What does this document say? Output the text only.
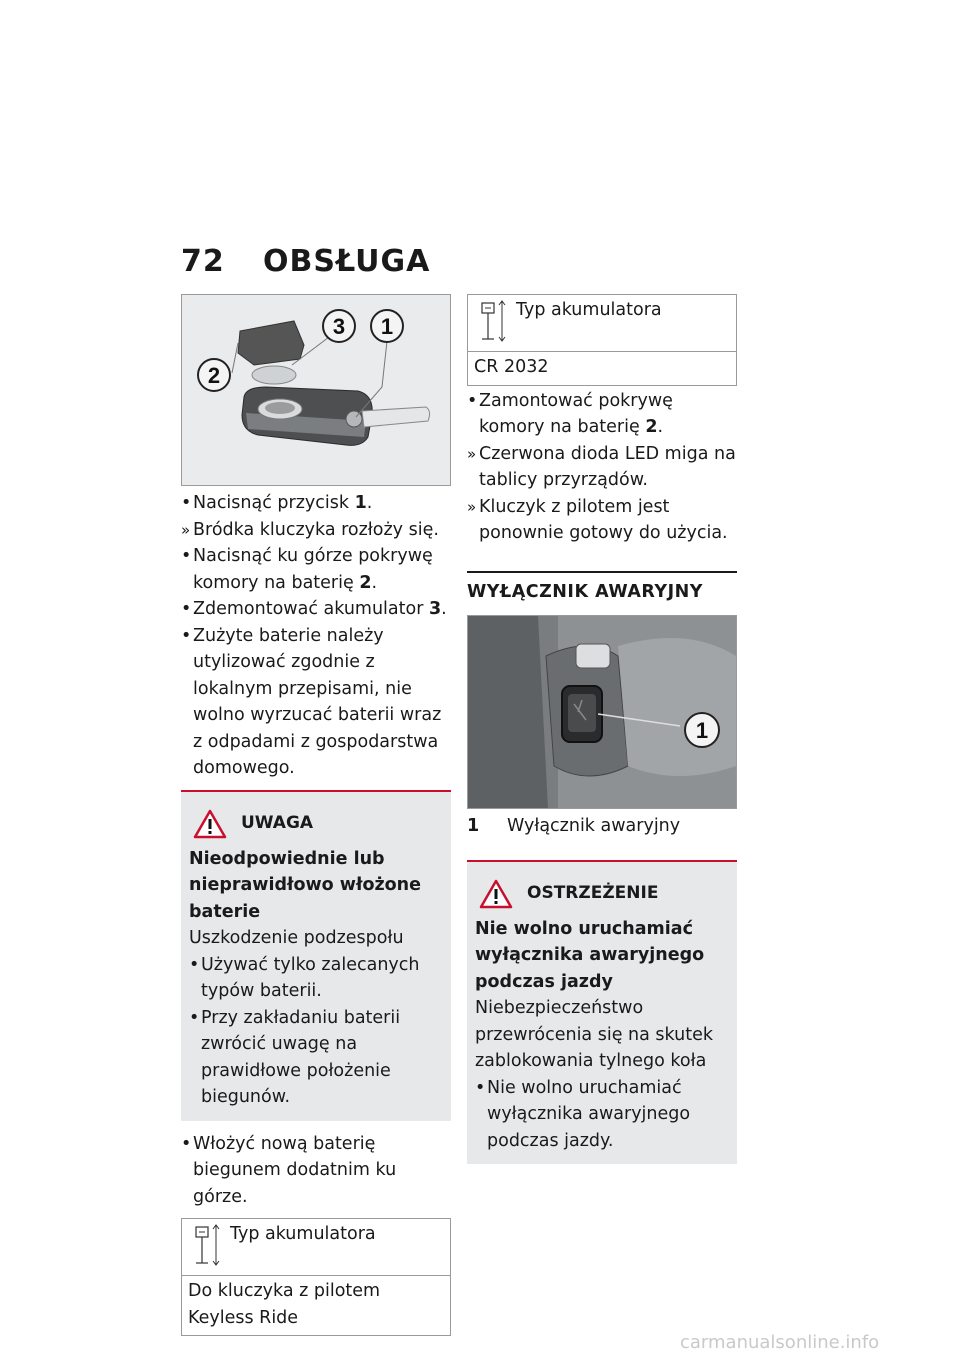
72 OBSŁUGA
2
3 1
• Nacisnąć przycisk 1.
» Bródka kluczyka rozłoży się.
• Nacisnąć ku górze pokrywę komory na baterię 2.
• Zdemontować akumulator 3.
• Zużyte baterie należy utylizować zgodnie z lokalnym przepisami, nie wolno wyrzucać baterii wraz z odpadami z gospodarstwa domowego.
UWAGA
Nieodpowiednie lub nieprawidłowo włożone baterie
Uszkodzenie podzespołu
• Używać tylko zalecanych typów baterii.
• Przy zakładaniu baterii zwrócić uwagę na prawidłowe położenie biegunów.
• Włożyć nową baterię biegunem dodatnim ku górze.
Typ akumulatora
Do kluczyka z pilotem Keyless Ride
Typ akumulatora
CR 2032
• Zamontować pokrywę komory na baterię 2.
» Czerwona dioda LED miga na tablicy przyrządów.
» Kluczyk z pilotem jest ponownie gotowy do użycia.
WYŁĄCZNIK AWARYJNY
1
1	Wyłącznik awaryjny
OSTRZEŻENIE
Nie wolno uruchamiać wyłącznika awaryjnego podczas jazdy
Niebezpieczeństwo przewrócenia się na skutek zablokowania tylnego koła
• Nie wolno uruchamiać wyłącznika awaryjnego podczas jazdy.
carmanualsonline.info
